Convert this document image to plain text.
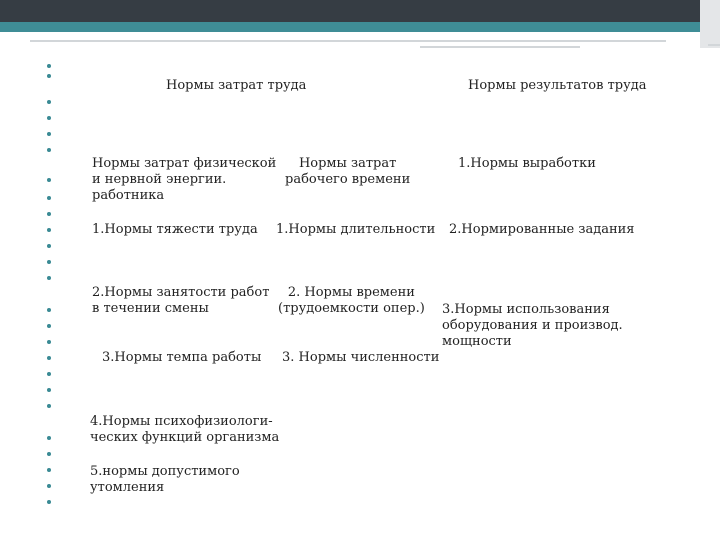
Нормы затрат труда	Нормы результатов труда
Нормы затрат физической
и нервной энергии.
работника
Нормы затрат
рабочего времени
1.Нормы выработки
1.Нормы тяжести труда 1.Нормы длительности 2.Нормированные задания
2.Нормы занятости работ
в течении смены
2. Нормы времени
(трудоемкости опер.) 3.Нормы использования
оборудования и производ.
мощности
3.Нормы темпа работы 3. Нормы численности
4.Нормы психофизиологи-
ческих функций организма
5.нормы допустимого
утомления
